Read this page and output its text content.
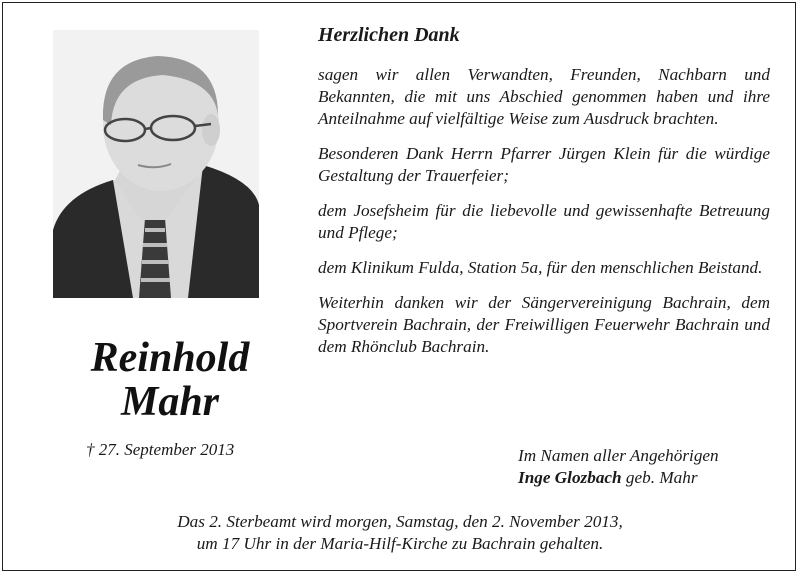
Reinhold
Mahr
† 27. September 2013
Herzlichen Dank
sagen wir allen Verwandten, Freunden, Nachbarn und Bekannten, die mit uns Abschied genommen haben und ihre Anteilnahme auf vielfältige Weise zum Ausdruck brachten.
Besonderen Dank Herrn Pfarrer Jürgen Klein für die würdige Gestaltung der Trauerfeier;
dem Josefsheim für die liebevolle und gewissenhafte Betreuung und Pflege;
dem Klinikum Fulda, Station 5a, für den menschlichen Beistand.
Weiterhin danken wir der Sängervereinigung Bachrain, dem Sportverein Bachrain, der Freiwilligen Feuerwehr Bachrain und dem Rhönclub Bachrain.
Im Namen aller Angehörigen
Inge Glozbach geb. Mahr
Das 2. Sterbeamt wird morgen, Samstag, den 2. November 2013,
um 17 Uhr in der Maria-Hilf-Kirche zu Bachrain gehalten.
